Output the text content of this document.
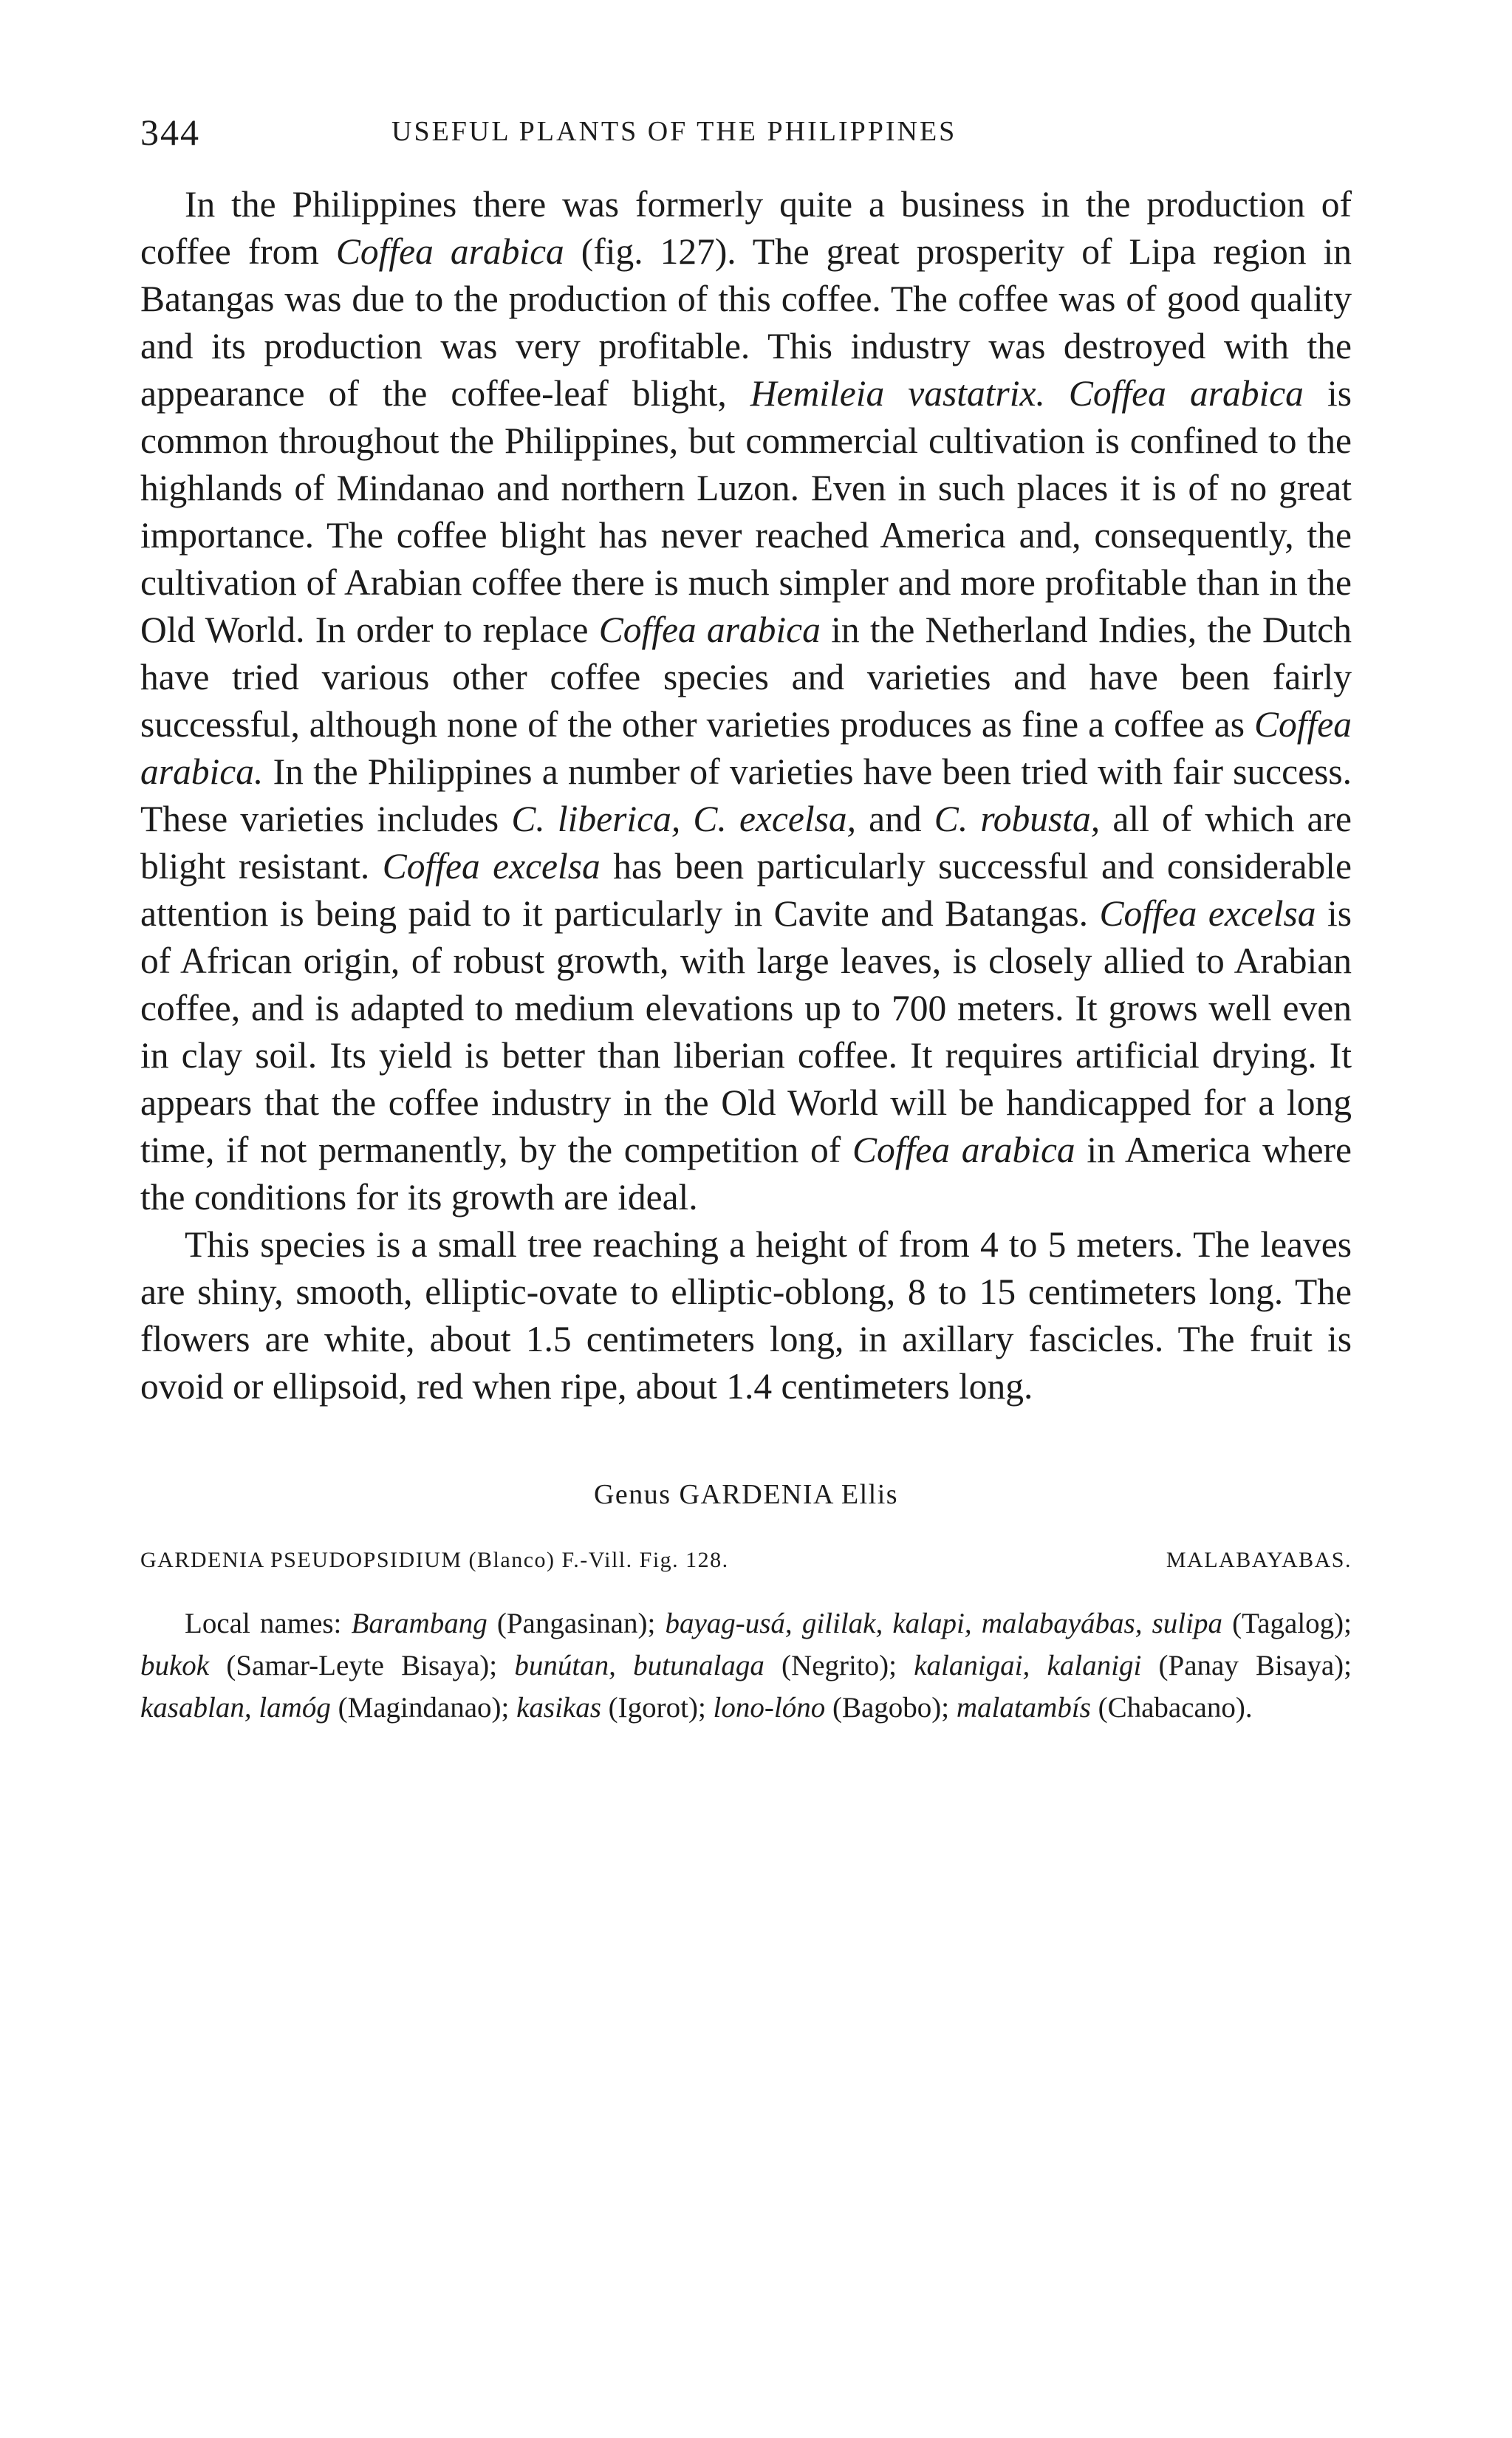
344	USEFUL PLANTS OF THE PHILIPPINES

In the Philippines there was formerly quite a business in the production of coffee from Coffea arabica (fig. 127). The great prosperity of Lipa region in Batangas was due to the production of this coffee. The coffee was of good quality and its production was very profitable. This industry was destroyed with the appearance of the coffee-leaf blight, Hemileia vastatrix. Coffea arabica is common throughout the Philippines, but commercial cultivation is confined to the highlands of Mindanao and northern Luzon. Even in such places it is of no great importance. The coffee blight has never reached America and, consequently, the cultivation of Arabian coffee there is much simpler and more profitable than in the Old World. In order to replace Coffea arabica in the Netherland Indies, the Dutch have tried various other coffee species and varieties and have been fairly successful, although none of the other varieties produces as fine a coffee as Coffea arabica. In the Philippines a number of varieties have been tried with fair success. These varieties includes C. liberica, C. excelsa, and C. robusta, all of which are blight resistant. Coffea excelsa has been particularly successful and considerable attention is being paid to it particularly in Cavite and Batangas. Coffea excelsa is of African origin, of robust growth, with large leaves, is closely allied to Arabian coffee, and is adapted to medium elevations up to 700 meters. It grows well even in clay soil. Its yield is better than liberian coffee. It requires artificial drying. It appears that the coffee industry in the Old World will be handicapped for a long time, if not permanently, by the competition of Coffea arabica in America where the conditions for its growth are ideal.

This species is a small tree reaching a height of from 4 to 5 meters. The leaves are shiny, smooth, elliptic-ovate to elliptic-oblong, 8 to 15 centimeters long. The flowers are white, about 1.5 centimeters long, in axillary fascicles. The fruit is ovoid or ellipsoid, red when ripe, about 1.4 centimeters long.

Genus GARDENIA Ellis
GARDENIA PSEUDOPSIDIUM (Blanco) F.-Vill. Fig. 128.	MALABAYABAS.

Local names: Barambang (Pangasinan); bayag-usá, gililak, kalapi, malabayábas, sulipa (Tagalog); bukok (Samar-Leyte Bisaya); bunútan, butunalaga (Negrito); kalanigai, kalanigi (Panay Bisaya); kasablan, lamóg (Magindanao); kasikas (Igorot); lono-lóno (Bagobo); malatambís (Chabacano).
